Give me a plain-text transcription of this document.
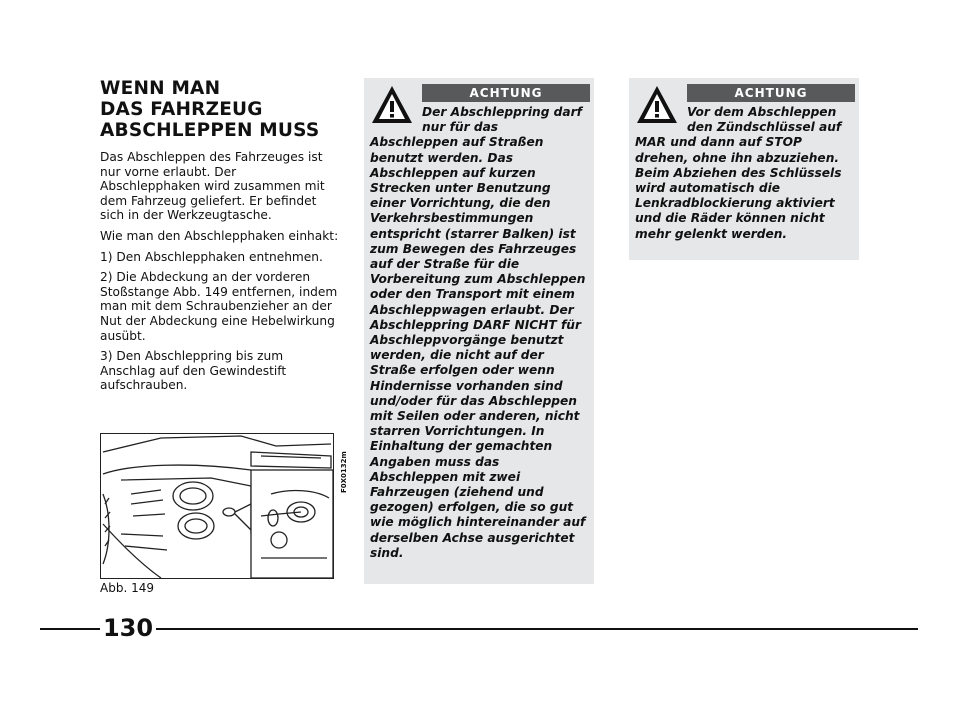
WENN MAN
DAS FAHRZEUG
ABSCHLEPPEN MUSS

Das Abschleppen des Fahrzeuges ist nur vorne erlaubt. Der Abschlepphaken wird zusammen mit dem Fahrzeug geliefert. Er befindet sich in der Werkzeugtasche.

Wie man den Abschlepphaken einhakt:

1) Den Abschlepphaken entnehmen.

2) Die Abdeckung an der vorderen Stoßstange Abb. 149 entfernen, indem man mit dem Schraubenzieher an der Nut der Abdeckung eine Hebelwirkung ausübt.

3) Den Abschleppring bis zum Anschlag auf den Gewindestift aufschrauben.

F0X0132m
Abb. 149
ACHTUNG

Der Abschleppring darf nur für das Abschleppen auf Straßen benutzt werden. Das Abschleppen auf kurzen Strecken unter Benutzung einer Vorrichtung, die den Verkehrsbestimmungen entspricht (starrer Balken) ist zum Bewegen des Fahrzeuges auf der Straße für die Vorbereitung zum Abschleppen oder den Transport mit einem Abschleppwagen erlaubt. Der Abschleppring DARF NICHT für Abschleppvorgänge benutzt werden, die nicht auf der Straße erfolgen oder wenn Hindernisse vorhanden sind und/oder für das Abschleppen mit Seilen oder anderen, nicht starren Vorrichtungen. In Einhaltung der gemachten Angaben muss das Abschleppen mit zwei Fahrzeugen (ziehend und gezogen) erfolgen, die so gut wie möglich hintereinander auf derselben Achse ausgerichtet sind.

ACHTUNG

Vor dem Abschleppen den Zündschlüssel auf MAR und dann auf STOP drehen, ohne ihn abzuziehen. Beim Abziehen des Schlüssels wird automatisch die Lenkradblockierung aktiviert und die Räder können nicht mehr gelenkt werden.

130
